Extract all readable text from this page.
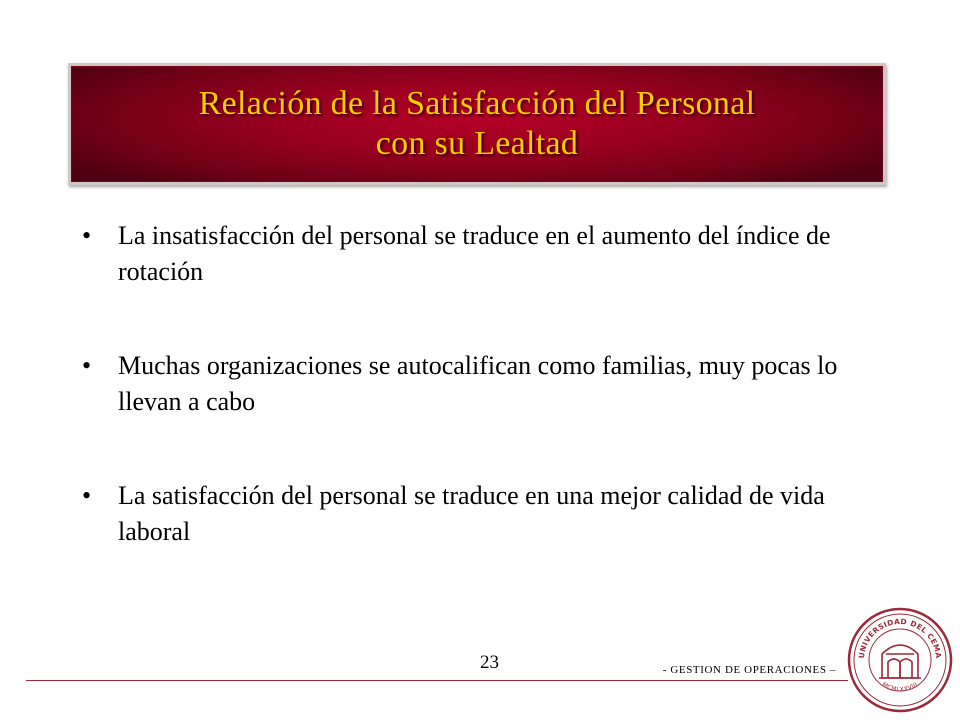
Relación de la Satisfacción del Personal
con su Lealtad
• La insatisfacción del personal se traduce en el aumento del índice de rotación
• Muchas organizaciones se autocalifican como familias, muy pocas lo llevan a cabo
• La satisfacción del personal se traduce en una mejor calidad de vida laboral
23	- GESTION DE OPERACIONES –
UNIVERSIDAD DEL CEMA
MCMLXXVIII
